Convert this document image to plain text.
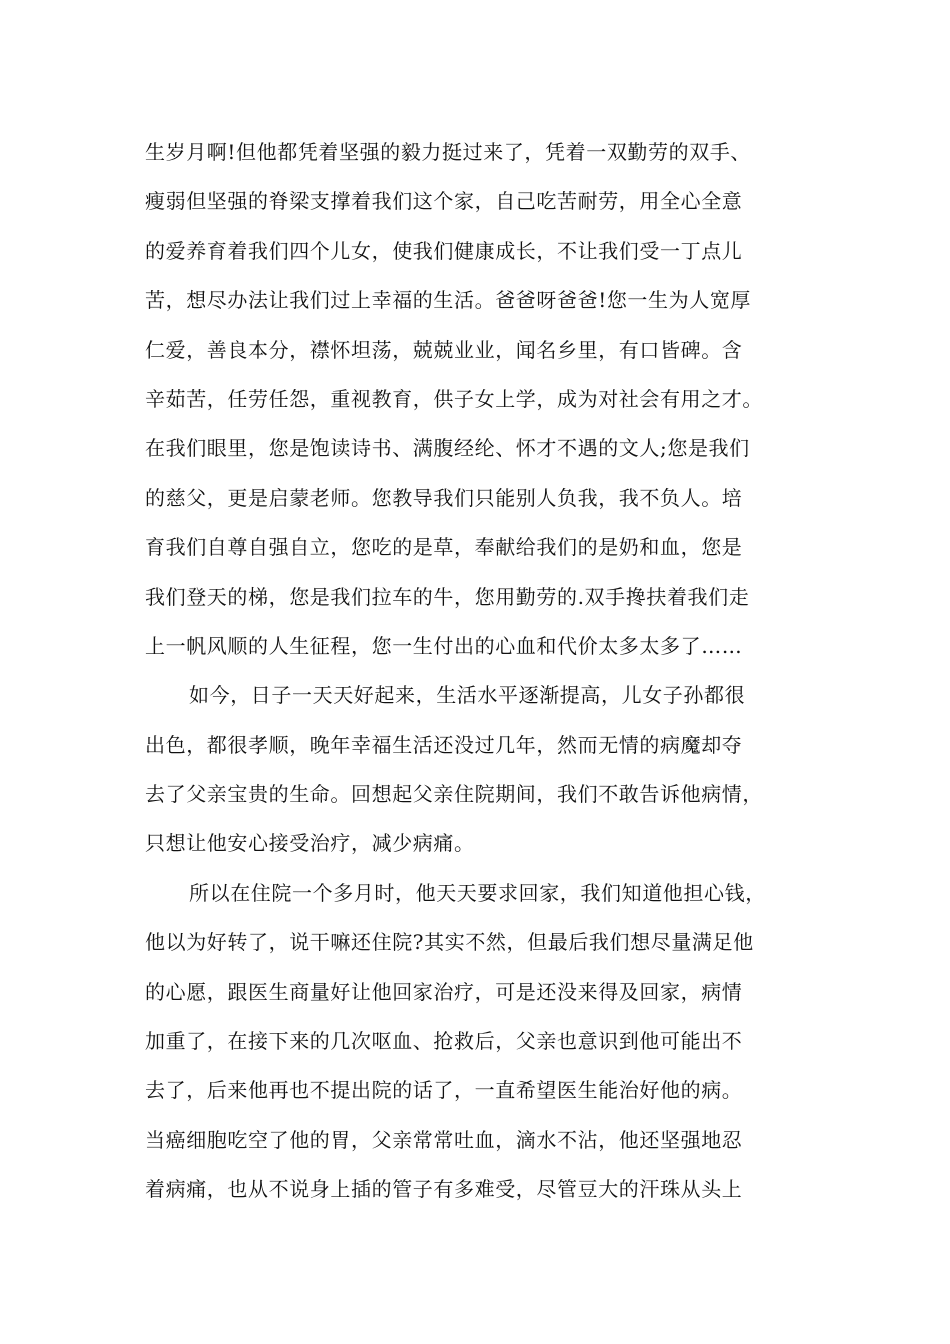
生岁月啊!但他都凭着坚强的毅力挺过来了，凭着一双勤劳的双手、
瘦弱但坚强的脊梁支撑着我们这个家，自己吃苦耐劳，用全心全意
的爱养育着我们四个儿女，使我们健康成长，不让我们受一丁点儿
苦，想尽办法让我们过上幸福的生活。爸爸呀爸爸!您一生为人宽厚
仁爱，善良本分，襟怀坦荡，兢兢业业，闻名乡里，有口皆碑。含
辛茹苦，任劳任怨，重视教育，供子女上学，成为对社会有用之才。
在我们眼里，您是饱读诗书、满腹经纶、怀才不遇的文人;您是我们
的慈父，更是启蒙老师。您教导我们只能别人负我，我不负人。培
育我们自尊自强自立，您吃的是草，奉献给我们的是奶和血，您是
我们登天的梯，您是我们拉车的牛，您用勤劳的.双手搀扶着我们走
上一帆风顺的人生征程，您一生付出的心血和代价太多太多了……
如今，日子一天天好起来，生活水平逐渐提高，儿女子孙都很
出色，都很孝顺，晚年幸福生活还没过几年，然而无情的病魔却夺
去了父亲宝贵的生命。回想起父亲住院期间，我们不敢告诉他病情，
只想让他安心接受治疗，减少病痛。
所以在住院一个多月时，他天天要求回家，我们知道他担心钱，
他以为好转了，说干嘛还住院?其实不然，但最后我们想尽量满足他
的心愿，跟医生商量好让他回家治疗，可是还没来得及回家，病情
加重了，在接下来的几次呕血、抢救后，父亲也意识到他可能出不
去了，后来他再也不提出院的话了，一直希望医生能治好他的病。
当癌细胞吃空了他的胃，父亲常常吐血，滴水不沾，他还坚强地忍
着病痛，也从不说身上插的管子有多难受，尽管豆大的汗珠从头上
